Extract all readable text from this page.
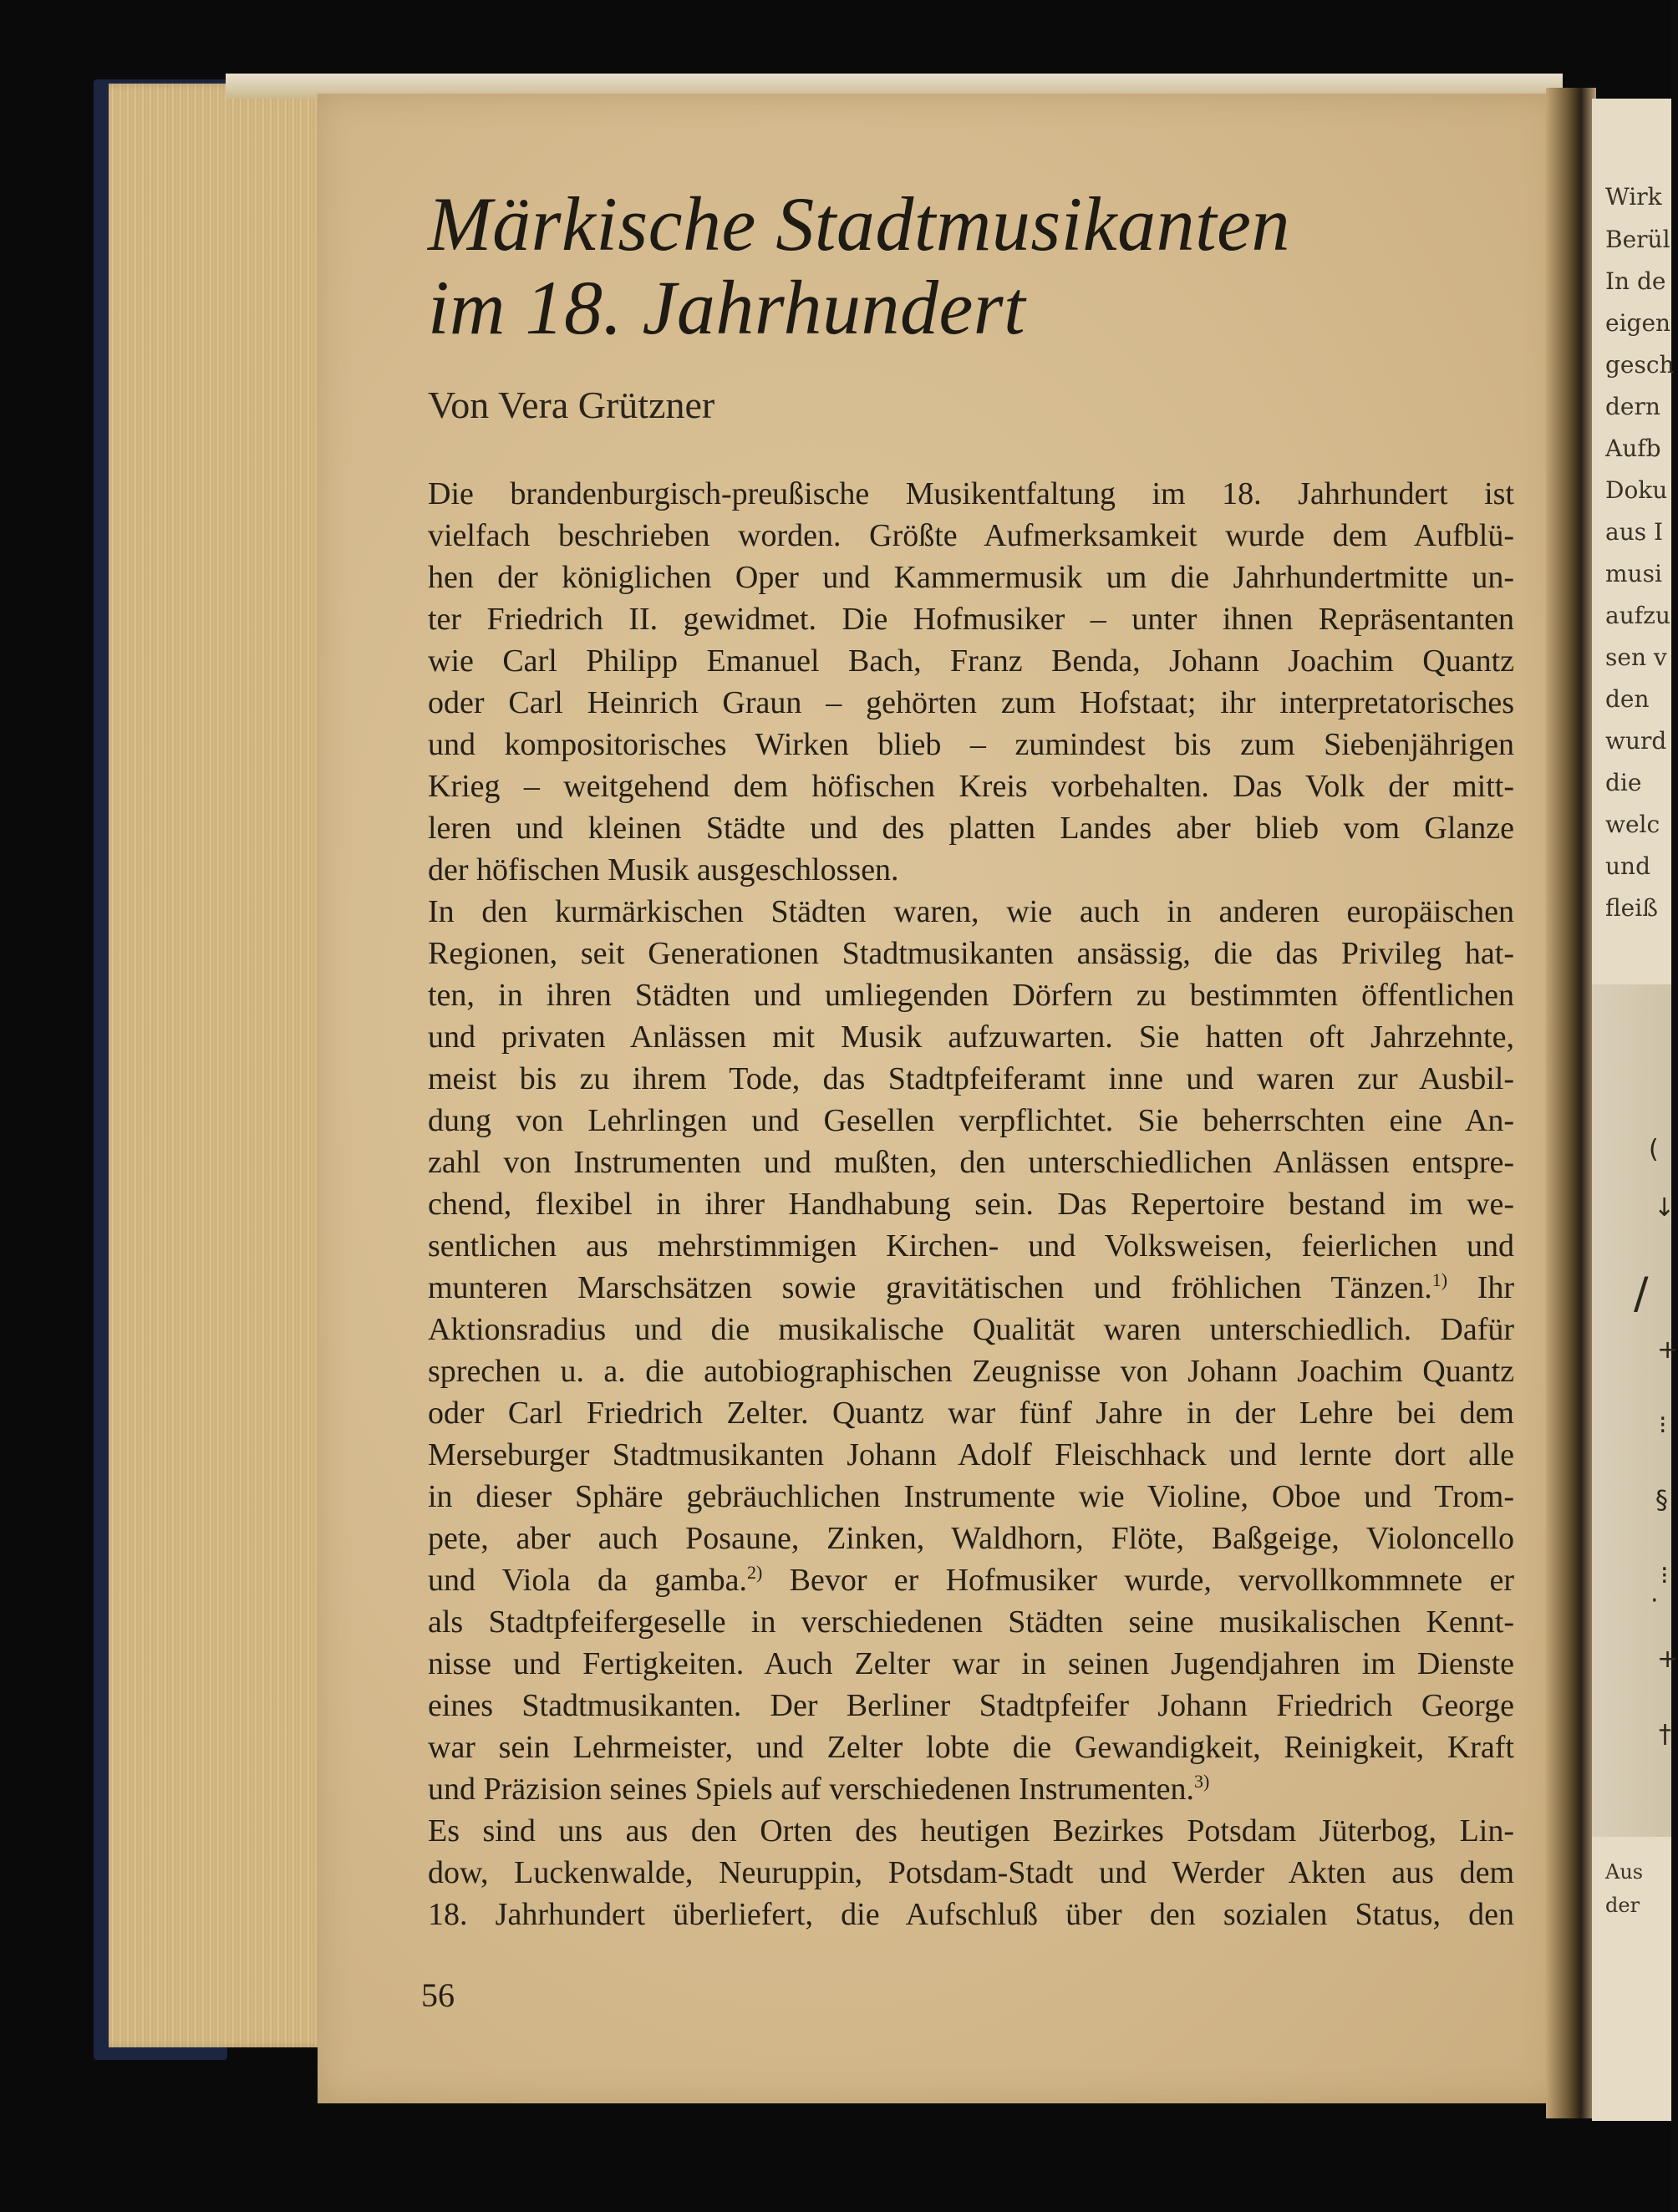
Märkische Stadtmusikanten
im 18. Jahrhundert
Von Vera Grützner
Die brandenburgisch-preußische Musikentfaltung im 18. Jahrhundert ist
vielfach beschrieben worden. Größte Aufmerksamkeit wurde dem Aufblü-
hen der königlichen Oper und Kammermusik um die Jahrhundertmitte un-
ter Friedrich II. gewidmet. Die Hofmusiker – unter ihnen Repräsentanten
wie Carl Philipp Emanuel Bach, Franz Benda, Johann Joachim Quantz
oder Carl Heinrich Graun – gehörten zum Hofstaat; ihr interpretatorisches
und kompositorisches Wirken blieb – zumindest bis zum Siebenjährigen
Krieg – weitgehend dem höfischen Kreis vorbehalten. Das Volk der mitt-
leren und kleinen Städte und des platten Landes aber blieb vom Glanze
der höfischen Musik ausgeschlossen.
In den kurmärkischen Städten waren, wie auch in anderen europäischen
Regionen, seit Generationen Stadtmusikanten ansässig, die das Privileg hat-
ten, in ihren Städten und umliegenden Dörfern zu bestimmten öffentlichen
und privaten Anlässen mit Musik aufzuwarten. Sie hatten oft Jahrzehnte,
meist bis zu ihrem Tode, das Stadtpfeiferamt inne und waren zur Ausbil-
dung von Lehrlingen und Gesellen verpflichtet. Sie beherrschten eine An-
zahl von Instrumenten und mußten, den unterschiedlichen Anlässen entspre-
chend, flexibel in ihrer Handhabung sein. Das Repertoire bestand im we-
sentlichen aus mehrstimmigen Kirchen- und Volksweisen, feierlichen und
munteren Marschsätzen sowie gravitätischen und fröhlichen Tänzen.$^{1)}$ Ihr
Aktionsradius und die musikalische Qualität waren unterschiedlich. Dafür
sprechen u. a. die autobiographischen Zeugnisse von Johann Joachim Quantz
oder Carl Friedrich Zelter. Quantz war fünf Jahre in der Lehre bei dem
Merseburger Stadtmusikanten Johann Adolf Fleischhack und lernte dort alle
in dieser Sphäre gebräuchlichen Instrumente wie Violine, Oboe und Trom-
pete, aber auch Posaune, Zinken, Waldhorn, Flöte, Baßgeige, Violoncello
und Viola da gamba.$^{2)}$ Bevor er Hofmusiker wurde, vervollkommnete er
als Stadtpfeifergeselle in verschiedenen Städten seine musikalischen Kennt-
nisse und Fertigkeiten. Auch Zelter war in seinen Jugendjahren im Dienste
eines Stadtmusikanten. Der Berliner Stadtpfeifer Johann Friedrich George
war sein Lehrmeister, und Zelter lobte die Gewandigkeit, Reinigkeit, Kraft
und Präzision seines Spiels auf verschiedenen Instrumenten.$^{3)}$
Es sind uns aus den Orten des heutigen Bezirkes Potsdam Jüterbog, Lin-
dow, Luckenwalde, Neuruppin, Potsdam-Stadt und Werder Akten aus dem
18. Jahrhundert überliefert, die Aufschluß über den sozialen Status, den
56
Wirk
Berül
In de
eigen
gesch
dern
Aufb
Doku
aus I
musi
aufzu
sen v
den
wurd
die
welc
und
fleiß
(
↓
/
+
⁝
§
⁝
·
+
†
Aus
der
